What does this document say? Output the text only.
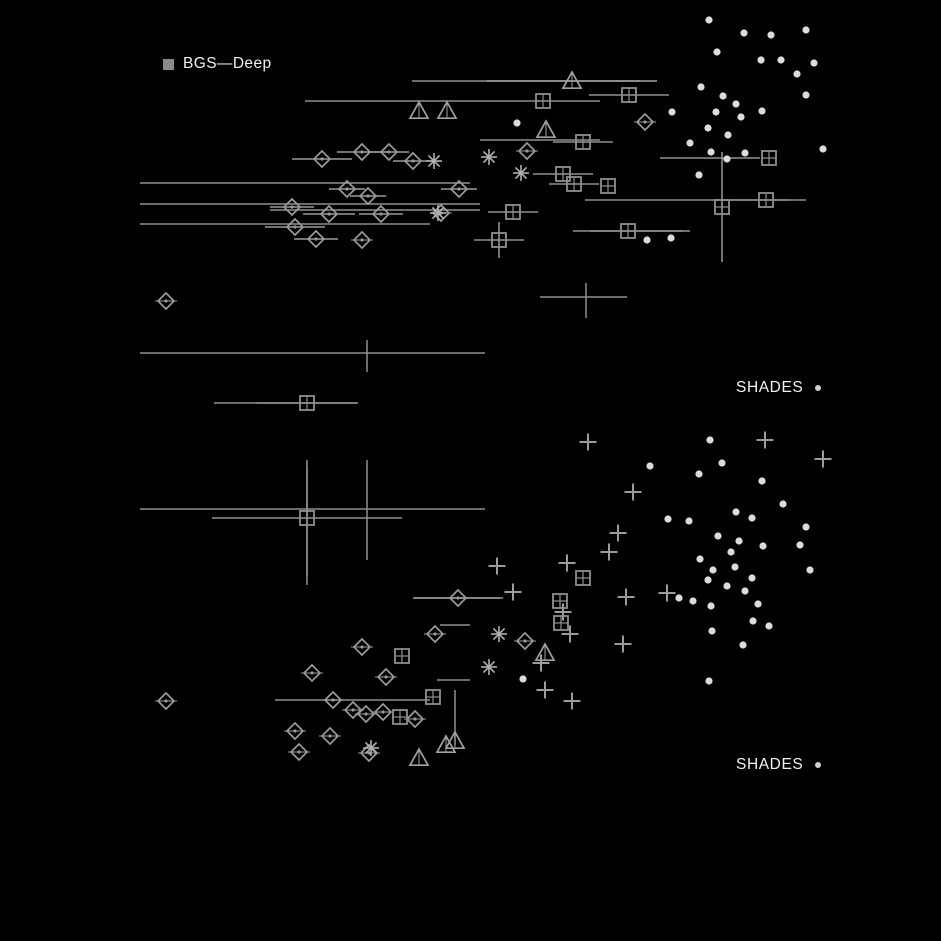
BGS—Deep
SHADES
SHADES
